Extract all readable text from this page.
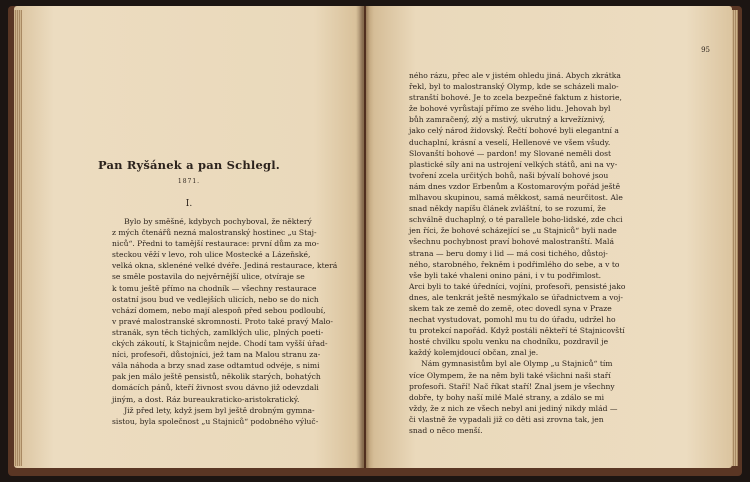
Pan Ryšánek a pan Schlegl.
1871.
I.
Bylo by směšné, kdybych pochyboval, že některý
z mých čtenářů nezná malostranský hostinec „u Staj-
niců“. Předni to tamější restaurace: první dům za mo-
steckou věží v levo, roh ulice Mostecké a Lázeňské,
velká okna, sklenéné velké dvéře. Jediná restaurace, která
se směle postavila do nejvěrnější ulice, otvíraje se
k tomu ještě přímo na chodník — všechny restaurace
ostatní jsou bud ve vedlejších ulicích, nebo se do nich
vchází domem, nebo mají alespoň před sebou podloubí,
v pravé malostranské skromnosti. Proto také pravý Malo-
stranák, syn těch tichých, zamlklých ulic, plných poeti-
ckých zákoutí, k Stajnicům nejde. Chodí tam vyšší úřad-
níci, profesoři, důstojníci, jež tam na Malou stranu za-
vála náhoda a brzy snad zase odtamtud odvéje, s nimi
pak jen málo ještě pensistů, několik starých, bohatých
domácích pánů, kteří živnost svou dávno již odevzdali
jiným, a dost. Ráz bureaukraticko-aristokratický.
Již před lety, když jsem byl ještě drobným gymna-
sistou, byla společnost „u Stajniců“ podobného výluč-
95
ného rázu, přec ale v jistém ohledu jiná. Abych zkrátka
řekl, byl to malostranský Olymp, kde se scházeli malo-
stranští bohové. Je to zcela bezpečné faktum z historie,
že bohové vyrůstají přímo ze svého lidu. Jehovah byl
bůh zamračený, zlý a mstivý, ukrutný a krvežíznivý,
jako celý národ židovský. Řečtí bohové byli elegantní a
duchaplní, krásní a veselí, Hellenové ve všem všudy.
Slovanští bohové — pardon! my Slované neměli dost
plastické síly ani na ustrojení velkých států, ani na vy-
tvoření zcela určitých bohů, naši bývalí bohové jsou
nám dnes vzdor Erbenům a Kostomarovým pořád ještě
mlhavou skupinou, samá měkkost, samá neurčitost. Ale
snad někdy napíšu článek zvláštní, to se rozumí, že
schválně duchaplný, o té parallele boho-lidské, zde chci
jen říci, že bohové scházející se „u Stajniců“ byli nade
všechnu pochybnost praví bohové malostranští. Malá
strana — beru domy i lid — má cosi tichého, důstoj-
ného, starobného, řekněm i podřimlého do sebe, a v to
vše byli také vhaleni onino páni, i v tu podřimlost.
Arci byli to také úředníci, vojíni, profesoři, pensisté jako
dnes, ale tenkrát ještě nesmýkalo se úřadnictvem a voj-
skem tak ze země do země, otec dovedl syna v Praze
nechat vystudovat, pomohl mu tu do úřadu, udržel ho
tu protekcí napořád. Když postáli někteří té Stajnicovští
hosté chvilku spolu venku na chodníku, pozdravil je
každý kolemjdoucí občan, znal je.
Nám gymnasistům byl ale Olymp „u Stajniců“ tím
více Olympem, že na něm byli také všichni naši staří
profesoři. Staří! Nač říkat staří! Znal jsem je všechny
dobře, ty bohy naší milé Malé strany, a zdálo se mi
vždy, že z nich ze všech nebyl ani jediný nikdy mlád —
či vlastně že vypadali již co děti asi zrovna tak, jen
snad o něco menší.
